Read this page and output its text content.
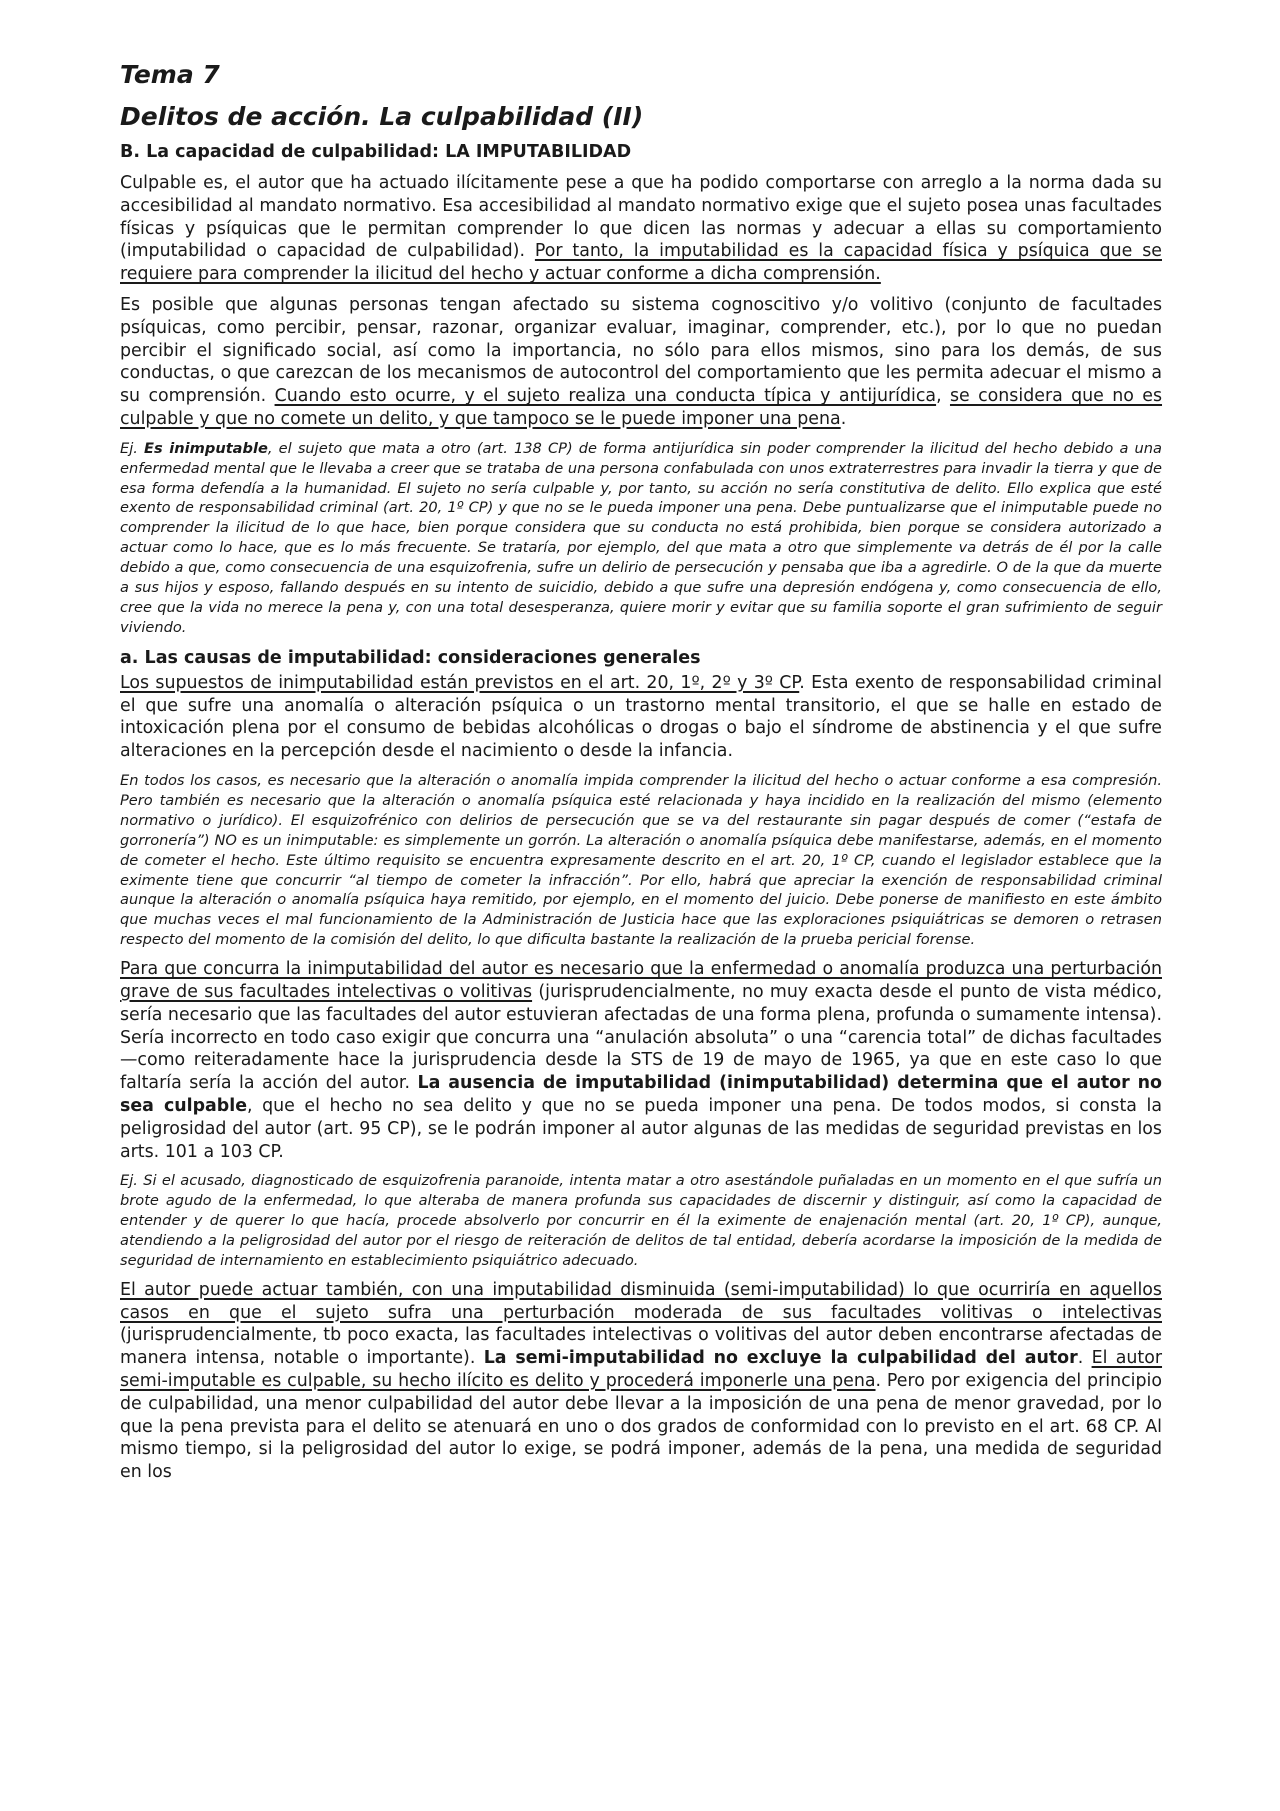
Tema 7
Delitos de acción. La culpabilidad (II)
B. La capacidad de culpabilidad: LA IMPUTABILIDAD

Culpable es, el autor que ha actuado ilícitamente pese a que ha podido comportarse con arreglo a la norma dada su accesibilidad al mandato normativo. Esa accesibilidad al mandato normativo exige que el sujeto posea unas facultades físicas y psíquicas que le permitan comprender lo que dicen las normas y adecuar a ellas su comportamiento (imputabilidad o capacidad de culpabilidad). Por tanto, la imputabilidad es la capacidad física y psíquica que se requiere para comprender la ilicitud del hecho y actuar conforme a dicha comprensión.

Es posible que algunas personas tengan afectado su sistema cognoscitivo y/o volitivo (conjunto de facultades psíquicas, como percibir, pensar, razonar, organizar evaluar, imaginar, comprender, etc.), por lo que no puedan percibir el significado social, así como la importancia, no sólo para ellos mismos, sino para los demás, de sus conductas, o que carezcan de los mecanismos de autocontrol del comportamiento que les permita adecuar el mismo a su comprensión. Cuando esto ocurre, y el sujeto realiza una conducta típica y antijurídica, se considera que no es culpable y que no comete un delito, y que tampoco se le puede imponer una pena.

Ej. Es inimputable, el sujeto que mata a otro (art. 138 CP) de forma antijurídica sin poder comprender la ilicitud del hecho debido a una enfermedad mental que le llevaba a creer que se trataba de una persona confabulada con unos extraterrestres para invadir la tierra y que de esa forma defendía a la humanidad. El sujeto no sería culpable y, por tanto, su acción no sería constitutiva de delito. Ello explica que esté exento de responsabilidad criminal (art. 20, 1º CP) y que no se le pueda imponer una pena. Debe puntualizarse que el inimputable puede no comprender la ilicitud de lo que hace, bien porque considera que su conducta no está prohibida, bien porque se considera autorizado a actuar como lo hace, que es lo más frecuente. Se trataría, por ejemplo, del que mata a otro que simplemente va detrás de él por la calle debido a que, como consecuencia de una esquizofrenia, sufre un delirio de persecución y pensaba que iba a agredirle. O de la que da muerte a sus hijos y esposo, fallando después en su intento de suicidio, debido a que sufre una depresión endógena y, como consecuencia de ello, cree que la vida no merece la pena y, con una total desesperanza, quiere morir y evitar que su familia soporte el gran sufrimiento de seguir viviendo.

a. Las causas de imputabilidad: consideraciones generales

Los supuestos de inimputabilidad están previstos en el art. 20, 1º, 2º y 3º CP. Esta exento de responsabilidad criminal el que sufre una anomalía o alteración psíquica o un trastorno mental transitorio, el que se halle en estado de intoxicación plena por el consumo de bebidas alcohólicas o drogas o bajo el síndrome de abstinencia y el que sufre alteraciones en la percepción desde el nacimiento o desde la infancia.

En todos los casos, es necesario que la alteración o anomalía impida comprender la ilicitud del hecho o actuar conforme a esa compresión. Pero también es necesario que la alteración o anomalía psíquica esté relacionada y haya incidido en la realización del mismo (elemento normativo o jurídico). El esquizofrénico con delirios de persecución que se va del restaurante sin pagar después de comer (“estafa de gorronería”) NO es un inimputable: es simplemente un gorrón. La alteración o anomalía psíquica debe manifestarse, además, en el momento de cometer el hecho. Este último requisito se encuentra expresamente descrito en el art. 20, 1º CP, cuando el legislador establece que la eximente tiene que concurrir “al tiempo de cometer la infracción”. Por ello, habrá que apreciar la exención de responsabilidad criminal aunque la alteración o anomalía psíquica haya remitido, por ejemplo, en el momento del juicio. Debe ponerse de manifiesto en este ámbito que muchas veces el mal funcionamiento de la Administración de Justicia hace que las exploraciones psiquiátricas se demoren o retrasen respecto del momento de la comisión del delito, lo que dificulta bastante la realización de la prueba pericial forense.

Para que concurra la inimputabilidad del autor es necesario que la enfermedad o anomalía produzca una perturbación grave de sus facultades intelectivas o volitivas (jurisprudencialmente, no muy exacta desde el punto de vista médico, sería necesario que las facultades del autor estuvieran afectadas de una forma plena, profunda o sumamente intensa). Sería incorrecto en todo caso exigir que concurra una “anulación absoluta” o una “carencia total” de dichas facultades —como reiteradamente hace la jurisprudencia desde la STS de 19 de mayo de 1965, ya que en este caso lo que faltaría sería la acción del autor. La ausencia de imputabilidad (inimputabilidad) determina que el autor no sea culpable, que el hecho no sea delito y que no se pueda imponer una pena. De todos modos, si consta la peligrosidad del autor (art. 95 CP), se le podrán imponer al autor algunas de las medidas de seguridad previstas en los arts. 101 a 103 CP.

Ej. Si el acusado, diagnosticado de esquizofrenia paranoide, intenta matar a otro asestándole puñaladas en un momento en el que sufría un brote agudo de la enfermedad, lo que alteraba de manera profunda sus capacidades de discernir y distinguir, así como la capacidad de entender y de querer lo que hacía, procede absolverlo por concurrir en él la eximente de enajenación mental (art. 20, 1º CP), aunque, atendiendo a la peligrosidad del autor por el riesgo de reiteración de delitos de tal entidad, debería acordarse la imposición de la medida de seguridad de internamiento en establecimiento psiquiátrico adecuado.

El autor puede actuar también, con una imputabilidad disminuida (semi-imputabilidad) lo que ocurriría en aquellos casos en que el sujeto sufra una perturbación moderada de sus facultades volitivas o intelectivas (jurisprudencialmente, tb poco exacta, las facultades intelectivas o volitivas del autor deben encontrarse afectadas de manera intensa, notable o importante). La semi-imputabilidad no excluye la culpabilidad del autor. El autor semi-imputable es culpable, su hecho ilícito es delito y procederá imponerle una pena. Pero por exigencia del principio de culpabilidad, una menor culpabilidad del autor debe llevar a la imposición de una pena de menor gravedad, por lo que la pena prevista para el delito se atenuará en uno o dos grados de conformidad con lo previsto en el art. 68 CP. Al mismo tiempo, si la peligrosidad del autor lo exige, se podrá imponer, además de la pena, una medida de seguridad en los
